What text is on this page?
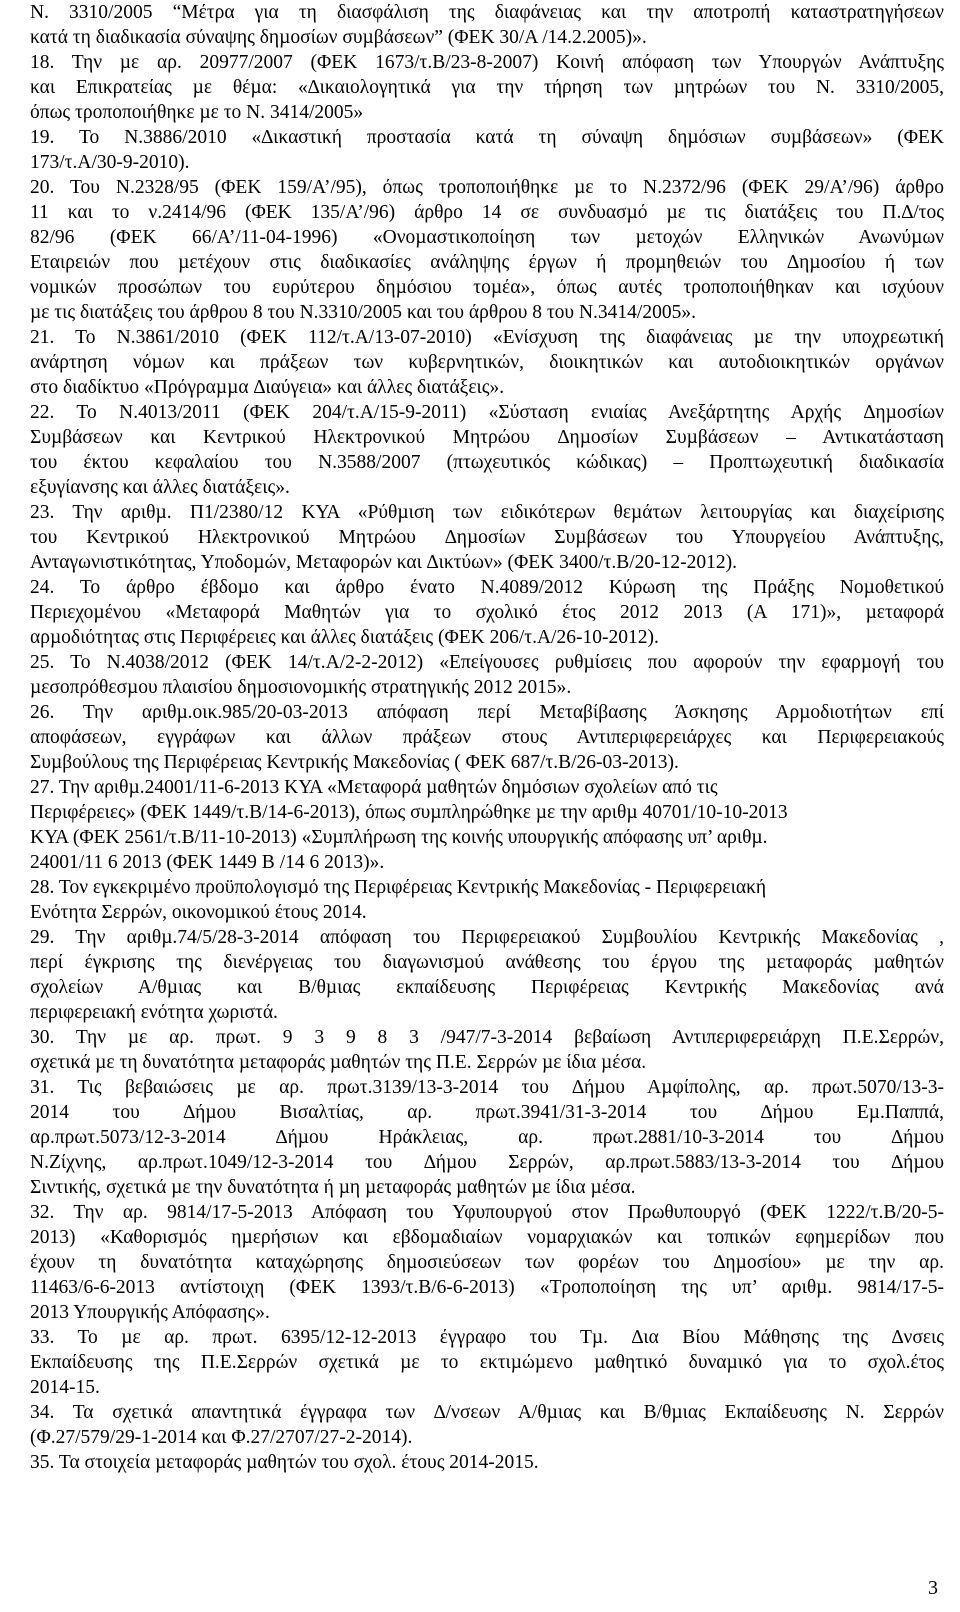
N. 3310/2005 “Μέτρα για τη διασφάλιση της διαφάνειας και την αποτροπή καταστρατηγήσεων
κατά τη διαδικασία σύναψης δηµοσίων συµβάσεων” (ΦΕΚ 30/Α /14.2.2005)».
18. Την µε αρ. 20977/2007 (ΦΕΚ 1673/τ.Β/23-8-2007) Κοινή απόφαση των Υπουργών Ανάπτυξης
και Επικρατείας µε θέµα: «∆ικαιολογητικά για την τήρηση των µητρώων του Ν. 3310/2005,
όπως τροποποιήθηκε µε το Ν. 3414/2005»
19. Το Ν.3886/2010 «∆ικαστική προστασία κατά τη σύναψη δηµόσιων συµβάσεων» (ΦΕΚ
173/τ.Α/30-9-2010).
20. Του Ν.2328/95 (ΦΕΚ 159/Α’/95), όπως τροποποιήθηκε µε το Ν.2372/96 (ΦΕΚ 29/Α’/96) άρθρο
11 και το ν.2414/96 (ΦΕΚ 135/Α’/96) άρθρο 14 σε συνδυασµό µε τις διατάξεις του Π.∆/τος
82/96 (ΦΕΚ 66/Α’/11-04-1996) «Ονοµαστικοποίηση των µετοχών Ελληνικών Ανωνύµων
Εταιρειών που µετέχουν στις διαδικασίες ανάληψης έργων ή προµηθειών του ∆ηµοσίου ή των
νοµικών προσώπων του ευρύτερου δηµόσιου τοµέα», όπως αυτές τροποποιήθηκαν και ισχύουν
µε τις διατάξεις του άρθρου 8 του Ν.3310/2005 και του άρθρου 8 του Ν.3414/2005».
21. Το Ν.3861/2010 (ΦΕΚ 112/τ.Α/13-07-2010) «Ενίσχυση της διαφάνειας µε την υποχρεωτική
ανάρτηση νόµων και πράξεων των κυβερνητικών, διοικητικών και αυτοδιοικητικών οργάνων
στο διαδίκτυο «Πρόγραµµα ∆ιαύγεια» και άλλες διατάξεις».
22. Το Ν.4013/2011 (ΦΕΚ 204/τ.Α/15-9-2011) «Σύσταση ενιαίας Ανεξάρτητης Αρχής ∆ηµοσίων
Συµβάσεων και Κεντρικού Ηλεκτρονικού Μητρώου ∆ηµοσίων Συµβάσεων – Αντικατάσταση
του έκτου κεφαλαίου του Ν.3588/2007 (πτωχευτικός κώδικας) – Προπτωχευτική διαδικασία
εξυγίανσης και άλλες διατάξεις».
23. Την αριθµ. Π1/2380/12 ΚΥΑ «Ρύθµιση των ειδικότερων θεµάτων λειτουργίας και διαχείρισης
του Κεντρικού Ηλεκτρονικού Μητρώου ∆ηµοσίων Συµβάσεων του Υπουργείου Ανάπτυξης,
Ανταγωνιστικότητας, Υποδοµών, Μεταφορών και ∆ικτύων» (ΦΕΚ 3400/τ.Β/20-12-2012).
24. Το άρθρο έβδοµο και άρθρο ένατο Ν.4089/2012 Κύρωση της Πράξης Νοµοθετικού
Περιεχοµένου «Μεταφορά Μαθητών για το σχολικό έτος 2012 2013 (Α 171)», µεταφορά
αρµοδιότητας στις Περιφέρειες και άλλες διατάξεις (ΦΕΚ 206/τ.Α/26-10-2012).
25. Το Ν.4038/2012 (ΦΕΚ 14/τ.Α/2-2-2012) «Επείγουσες ρυθµίσεις που αφορούν την εφαρµογή του
µεσοπρόθεσµου πλαισίου δηµοσιονοµικής στρατηγικής 2012 2015».
26. Την αριθµ.οικ.985/20-03-2013 απόφαση περί Μεταβίβασης Άσκησης Αρµοδιοτήτων επί
αποφάσεων, εγγράφων και άλλων πράξεων στους Αντιπεριφερειάρχες και Περιφερειακούς
Συµβούλους της Περιφέρειας Κεντρικής Μακεδονίας ( ΦΕΚ 687/τ.Β/26-03-2013).
27. Την αριθµ.24001/11-6-2013 ΚΥΑ «Μεταφορά µαθητών δηµόσιων σχολείων από τις
Περιφέρειες» (ΦΕΚ 1449/τ.Β/14-6-2013), όπως συµπληρώθηκε µε την αριθµ 40701/10-10-2013
ΚΥΑ (ΦΕΚ 2561/τ.Β/11-10-2013) «Συµπλήρωση της κοινής υπουργικής απόφασης υπ’ αριθµ.
24001/11 6 2013 (ΦΕΚ 1449 Β /14 6 2013)».
28. Τον εγκεκριµένο προϋπολογισµό της Περιφέρειας Κεντρικής Μακεδονίας - Περιφερειακή
Ενότητα Σερρών, οικονοµικού έτους 2014.
29. Την αριθµ.74/5/28-3-2014 απόφαση του Περιφερειακού Συµβουλίου Κεντρικής Μακεδονίας ,
περί έγκρισης της διενέργειας του διαγωνισµού ανάθεσης του έργου της µεταφοράς µαθητών
σχολείων Α/θµιας και Β/θµιας εκπαίδευσης Περιφέρειας Κεντρικής Μακεδονίας ανά
περιφερειακή ενότητα χωριστά.
30. Την µε αρ. πρωτ. 9 3 9 8 3 /947/7-3-2014 βεβαίωση Αντιπεριφερειάρχη Π.Ε.Σερρών,
σχετικά µε τη δυνατότητα µεταφοράς µαθητών της Π.Ε. Σερρών µε ίδια µέσα.
31. Τις βεβαιώσεις µε αρ. πρωτ.3139/13-3-2014 του ∆ήµου Αµφίπολης, αρ. πρωτ.5070/13-3-
2014 του ∆ήµου Βισαλτίας, αρ. πρωτ.3941/31-3-2014 του ∆ήµου Εµ.Παππά,
αρ.πρωτ.5073/12-3-2014 ∆ήµου Ηράκλειας, αρ. πρωτ.2881/10-3-2014 του ∆ήµου
Ν.Ζίχνης, αρ.πρωτ.1049/12-3-2014 του ∆ήµου Σερρών, αρ.πρωτ.5883/13-3-2014 του ∆ήµου
Σιντικής, σχετικά µε την δυνατότητα ή µη µεταφοράς µαθητών µε ίδια µέσα.
32. Την αρ. 9814/17-5-2013 Απόφαση του Υφυπουργού στον Πρωθυπουργό (ΦΕΚ 1222/τ.Β/20-5-
2013) «Καθορισµός ηµερήσιων και εβδοµαδιαίων νοµαρχιακών και τοπικών εφηµερίδων που
έχουν τη δυνατότητα καταχώρησης δηµοσιεύσεων των φορέων του ∆ηµοσίου» µε την αρ.
11463/6-6-2013 αντίστοιχη (ΦΕΚ 1393/τ.Β/6-6-2013) «Τροποποίηση της υπ’ αριθµ. 9814/17-5-
2013 Υπουργικής Απόφασης».
33. Το µε αρ. πρωτ. 6395/12-12-2013 έγγραφο του Τµ. ∆ια Βίου Μάθησης της ∆νσεις
Εκπαίδευσης της Π.Ε.Σερρών σχετικά µε το εκτιµώµενο µαθητικό δυναµικό για το σχολ.έτος
2014-15.
34. Τα σχετικά απαντητικά έγγραφα των ∆/νσεων Α/θµιας και Β/θµιας Εκπαίδευσης Ν. Σερρών
(Φ.27/579/29-1-2014 και Φ.27/2707/27-2-2014).
35. Τα στοιχεία µεταφοράς µαθητών του σχολ. έτους 2014-2015.
3
